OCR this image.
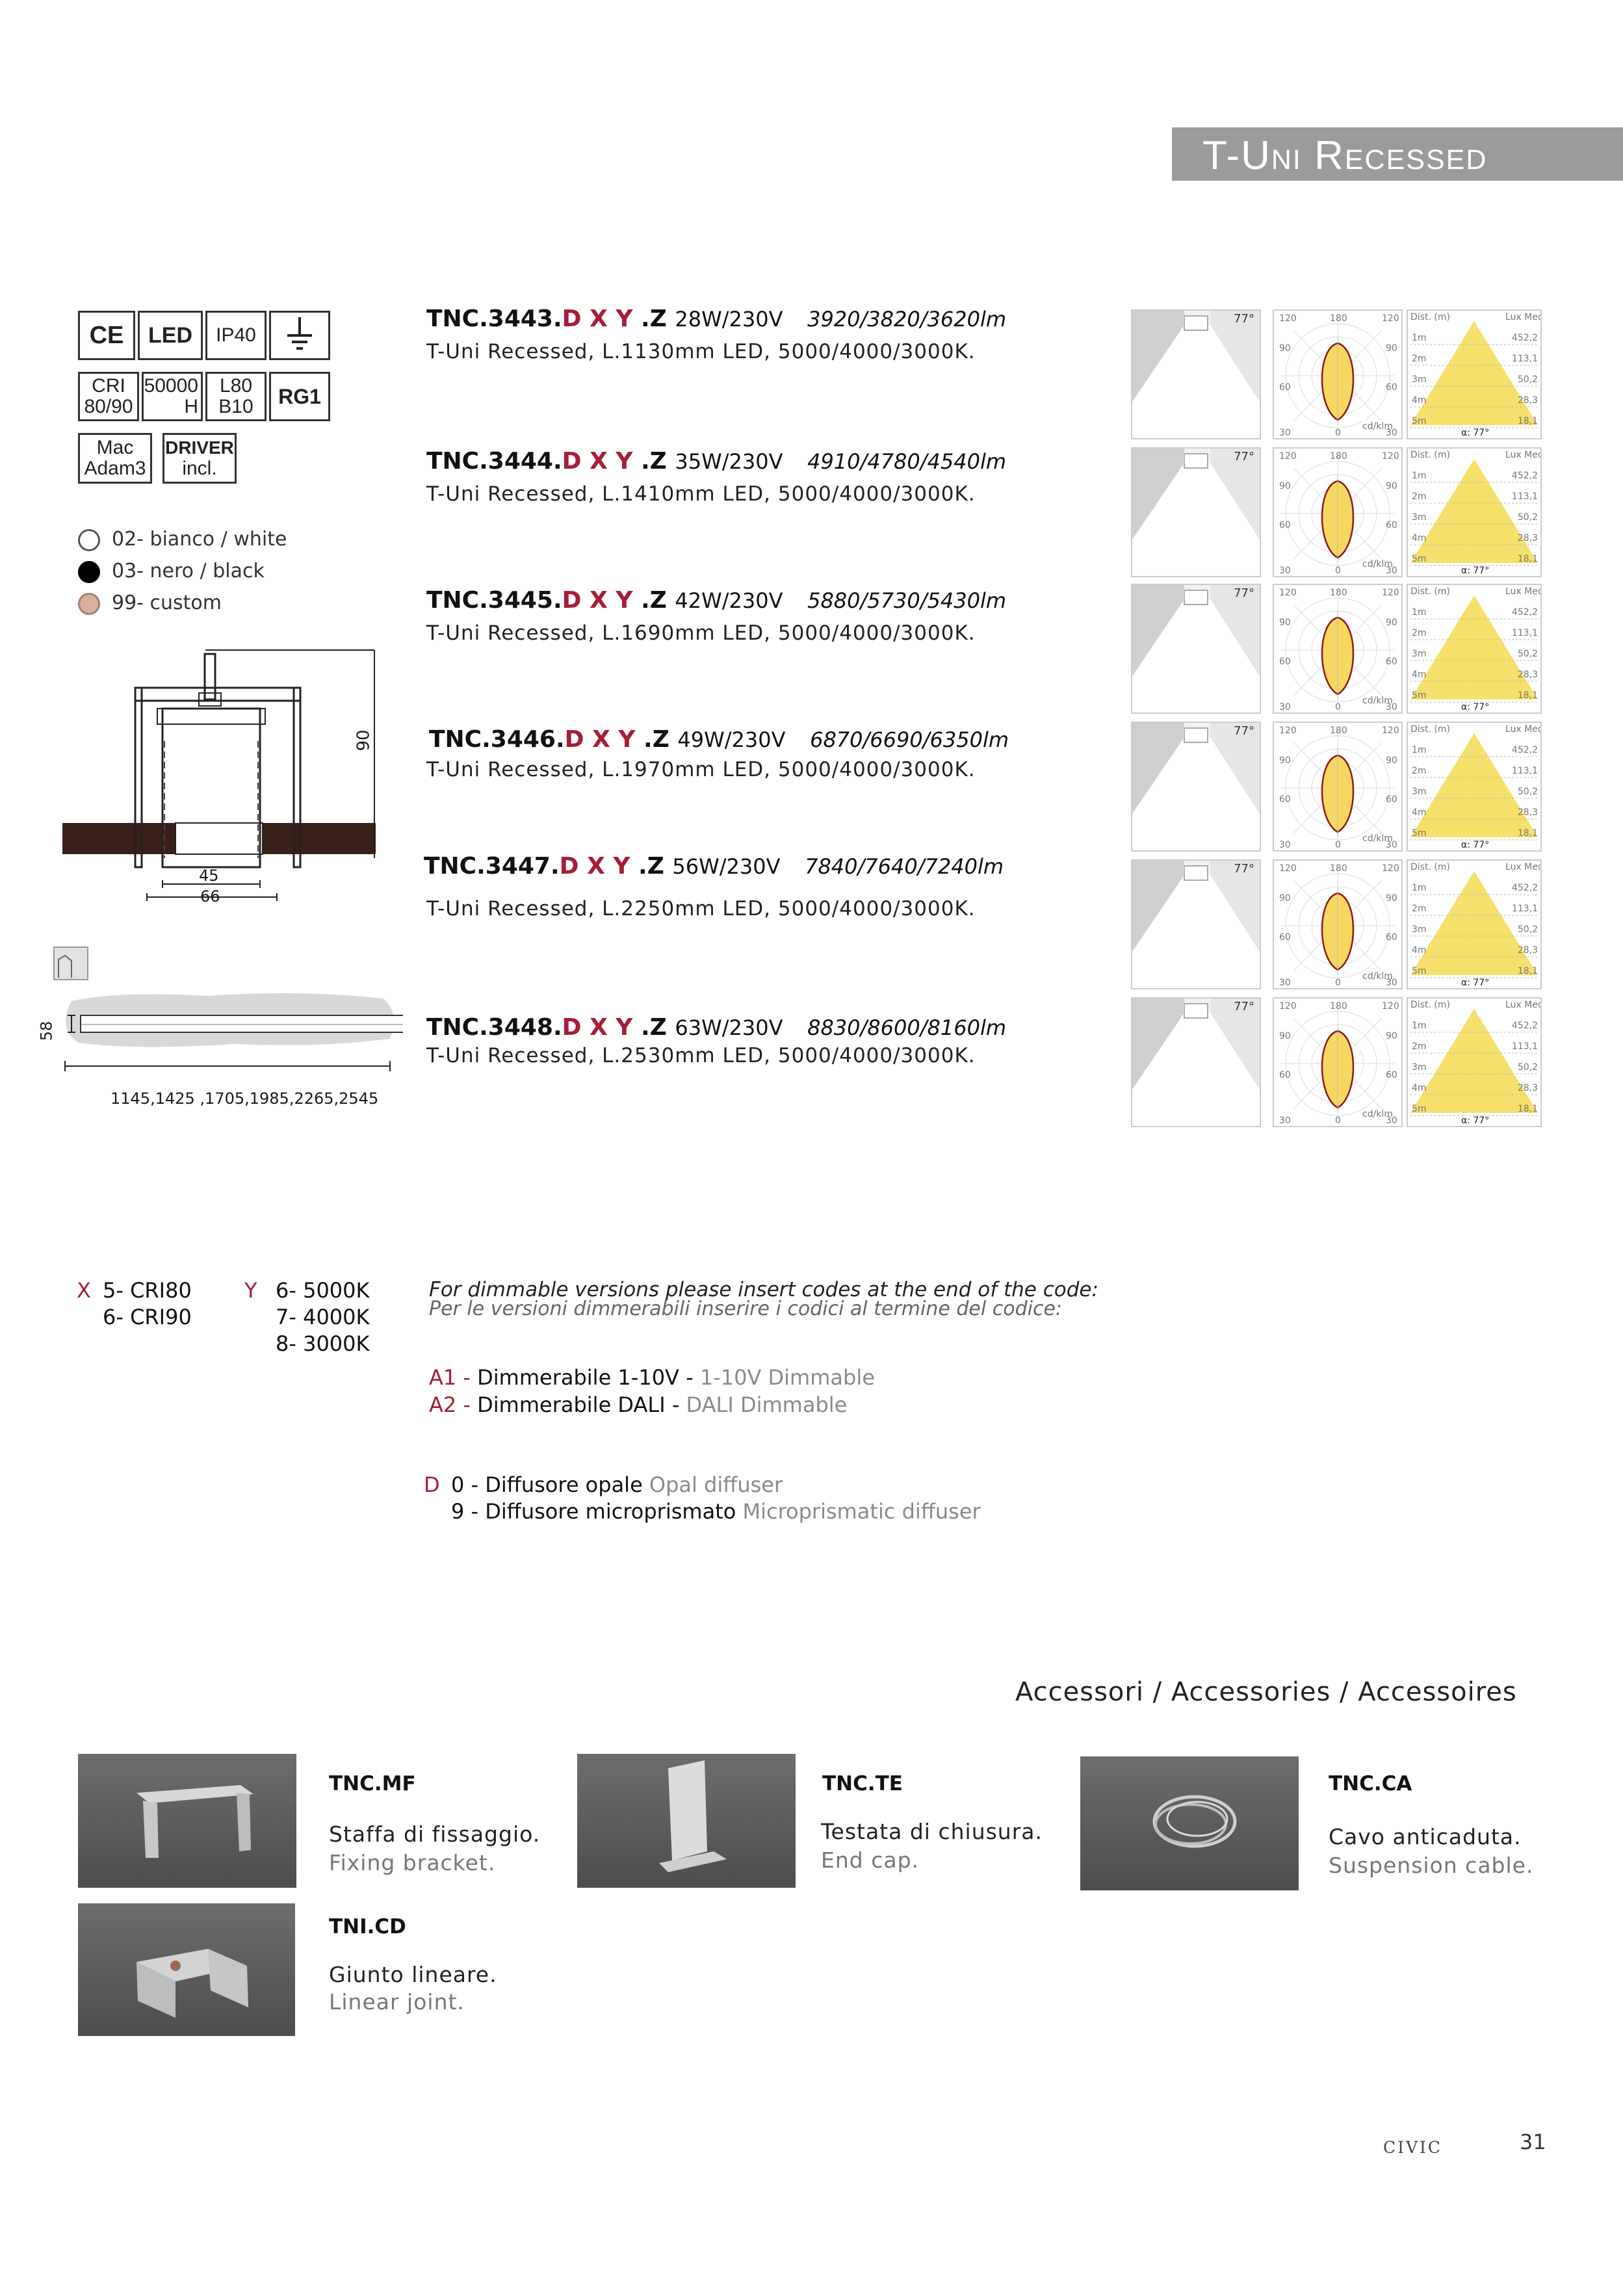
T-Uni Recessed
CE LED IP40
CRI
80/90
50000
H
L80
B10 RG1
Mac
Adam3
DRIVER
incl.
02- bianco / white
03- nero / black
99- custom
90
45
66
58
1145,1425 ,1705,1985,2265,2545
TNC.3443.D X Y .Z 28W/230V 3920/3820/3620lm
T-Uni Recessed, L.1130mm LED, 5000/4000/3000K.
TNC.3444.D X Y .Z 35W/230V 4910/4780/4540lm
T-Uni Recessed, L.1410mm LED, 5000/4000/3000K.
TNC.3445.D X Y .Z 42W/230V 5880/5730/5430lm
T-Uni Recessed, L.1690mm LED, 5000/4000/3000K.
TNC.3446.D X Y .Z 49W/230V 6870/6690/6350lm
T-Uni Recessed, L.1970mm LED, 5000/4000/3000K.
TNC.3447.D X Y .Z 56W/230V 7840/7640/7240lm
T-Uni Recessed, L.2250mm LED, 5000/4000/3000K.
TNC.3448.D X Y .Z 63W/230V 8830/8600/8160lm
T-Uni Recessed, L.2530mm LED, 5000/4000/3000K.
77°	120	180	120
90	90
60	60
30	0	30
cd/klm
Dist. (m)	Lux Med
1m	452,2
2m	113,1
3m	50,2
4m	28,3
5m	18,1
α: 77°
77°	120	180	120
90	90
60	60
30	0	30
cd/klm
Dist. (m)	Lux Med
1m	452,2
2m	113,1
3m	50,2
4m	28,3
5m	18,1
α: 77°
77°	120	180	120
90	90
60	60
30	0	30
cd/klm
Dist. (m)	Lux Med
1m	452,2
2m	113,1
3m	50,2
4m	28,3
5m	18,1
α: 77°
77°	120	180	120
90	90
60	60
30	0	30
cd/klm
Dist. (m)	Lux Med
1m	452,2
2m	113,1
3m	50,2
4m	28,3
5m	18,1
α: 77°
77°	120	180	120
90	90
60	60
30	0	30
cd/klm
Dist. (m)	Lux Med
1m	452,2
2m	113,1
3m	50,2
4m	28,3
5m	18,1
α: 77°
77°	120	180	120
90	90
60	60
30	0	30
cd/klm
Dist. (m)	Lux Med
1m	452,2
2m	113,1
3m	50,2
4m	28,3
5m	18,1
α: 77°
X 5- CRI80
6- CRI90
Y 6- 5000K
7- 4000K
8- 3000K
For dimmable versions please insert codes at the end of the code:
Per le versioni dimmerabili inserire i codici al termine del codice:
A1 - Dimmerabile 1-10V - 1-10V Dimmable
A2 - Dimmerabile DALI - DALI Dimmable
D 0 - Diffusore opale Opal diffuser
9 - Diffusore microprismato Microprismatic diffuser
Accessori / Accessories / Accessoires
TNC.MF
Staffa di fissaggio.
Fixing bracket.
TNC.TE
Testata di chiusura.
End cap.
TNC.CA
Cavo anticaduta.
Suspension cable.
TNI.CD
Giunto lineare.
Linear joint.
civic	31
